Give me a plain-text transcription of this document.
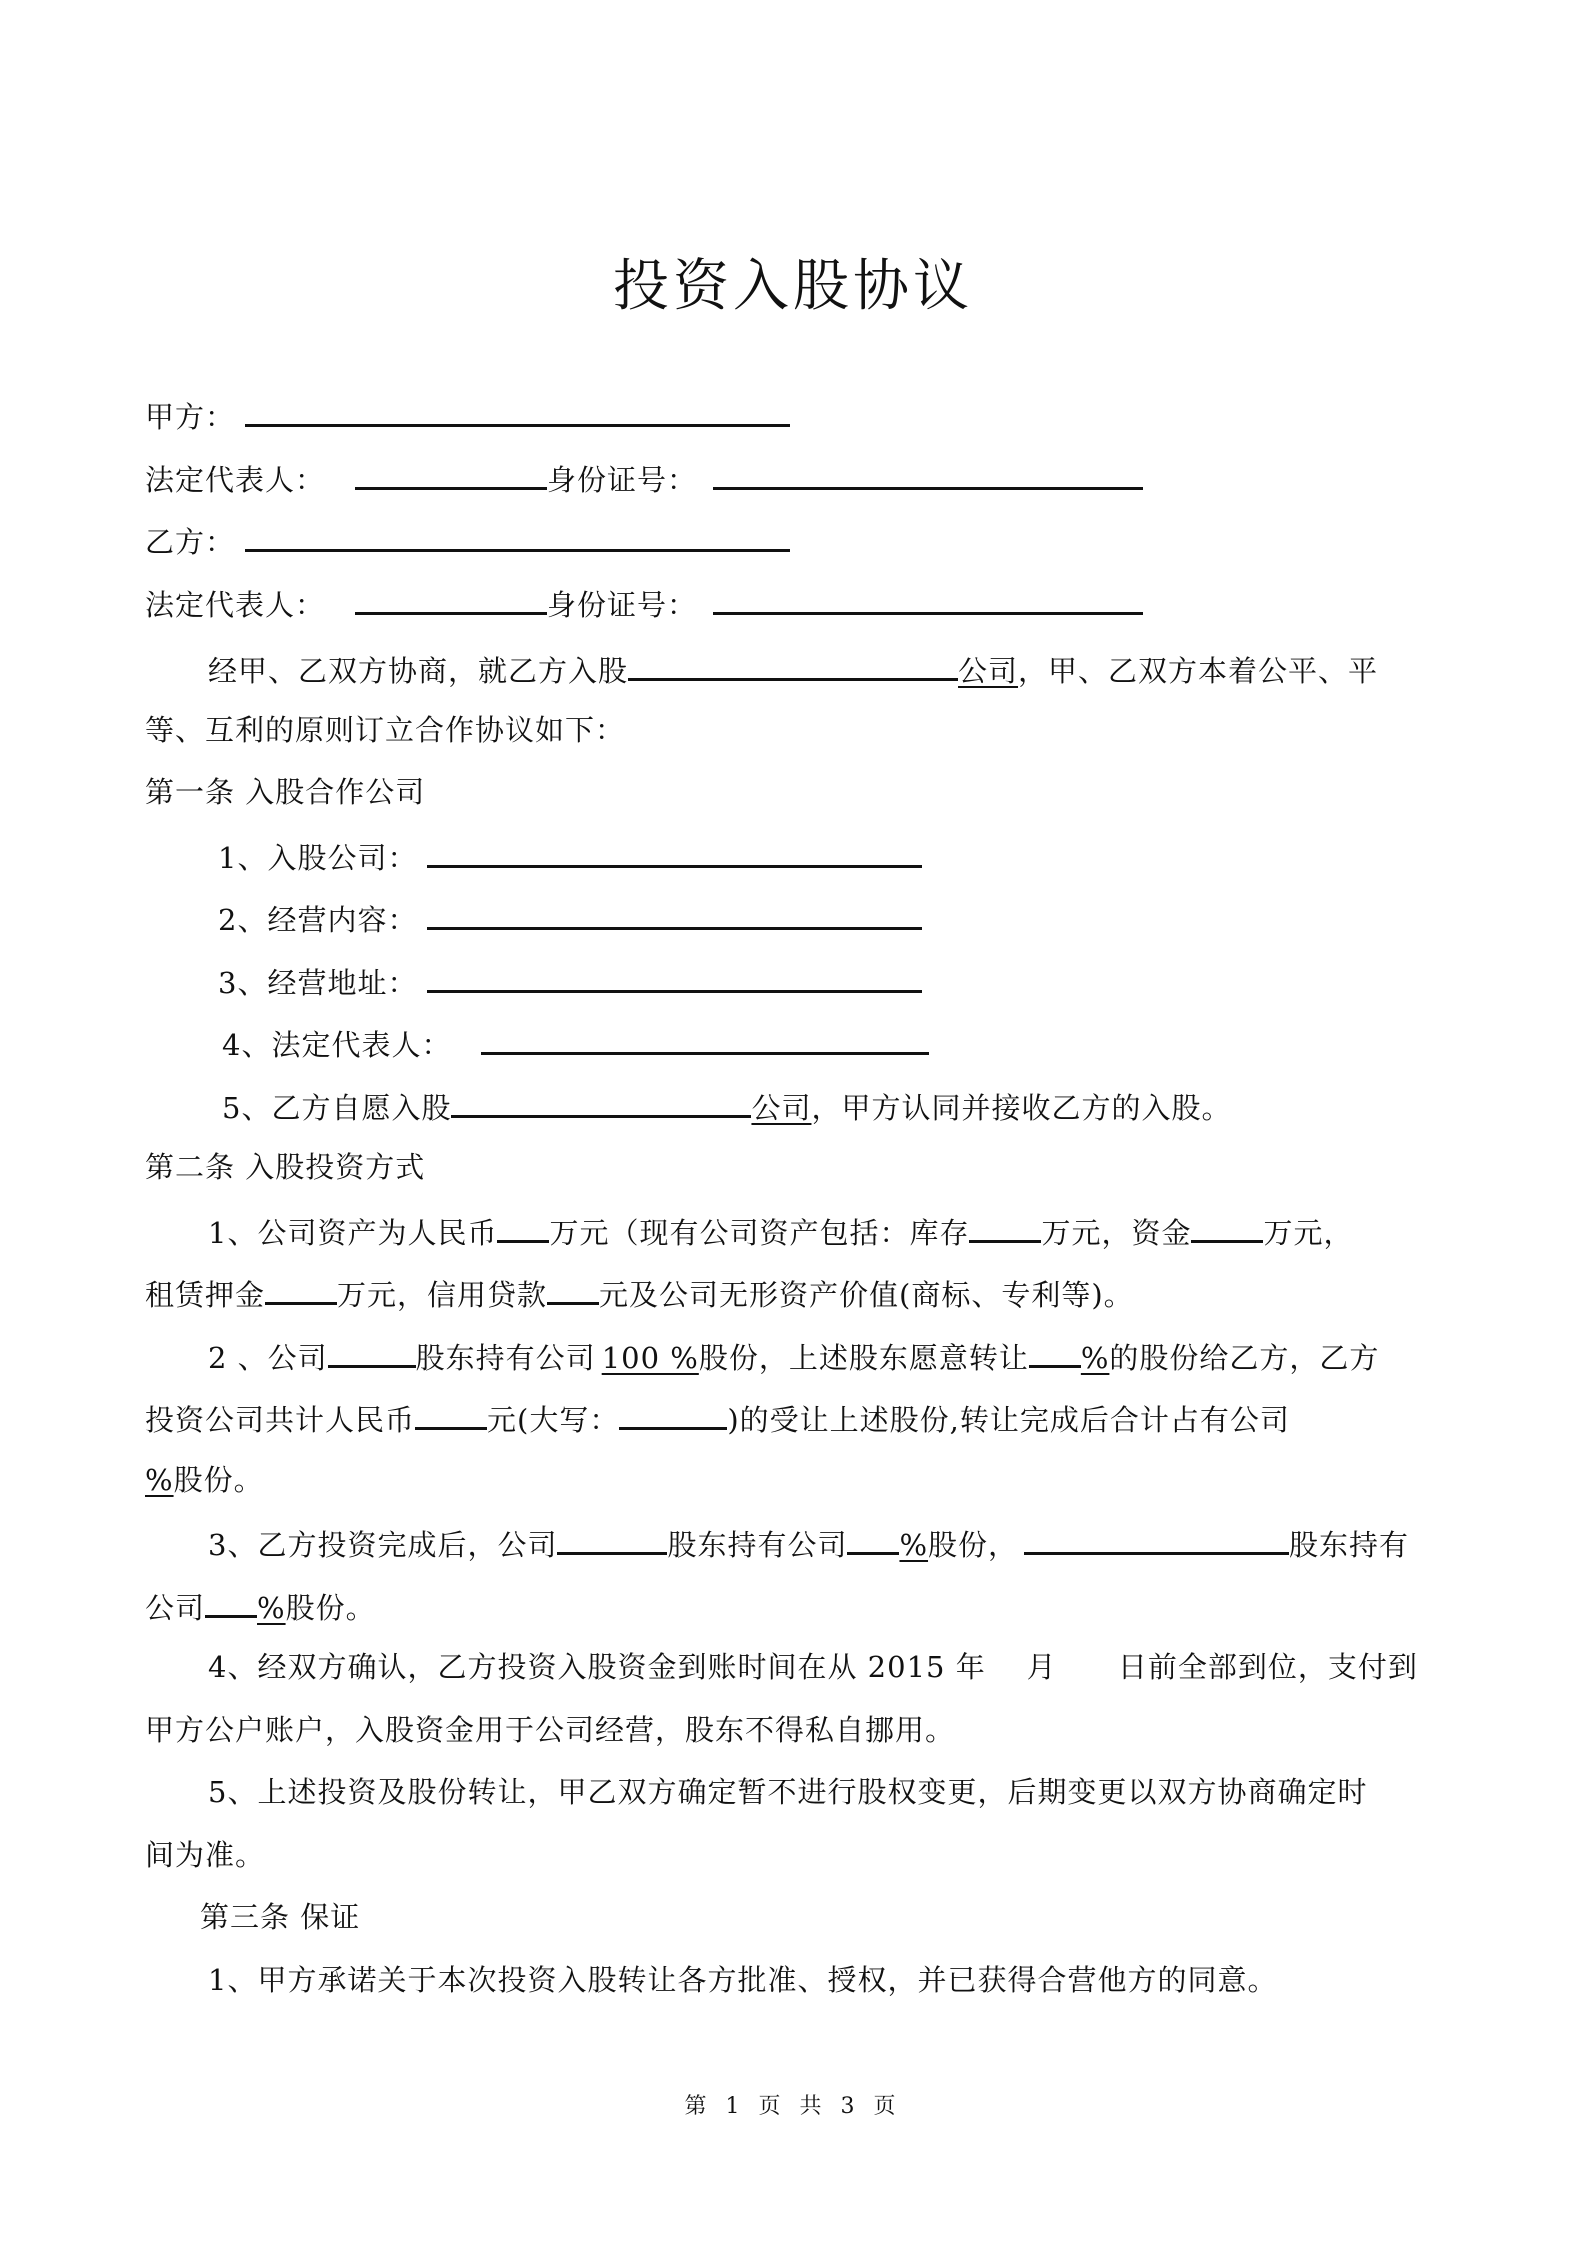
投资入股协议
甲方：
法定代表人：	身份证号：
乙方：
法定代表人：	身份证号：
经甲、乙双方协商，就乙方入股	公司，甲、乙双方本着公平、平
等、互利的原则订立合作协议如下：
第一条 入股合作公司
1、入股公司：
2、经营内容：
3、经营地址：
4、法定代表人：
5、乙方自愿入股	公司，甲方认同并接收乙方的入股。
第二条 入股投资方式
1、公司资产为人民币 万元（现有公司资产包括：库存 万元，资金 万元，
租赁押金 万元，信用贷款 元及公司无形资产价值(商标、专利等)。
2 、公司	股东持有公司 100 %股份，上述股东愿意转让 %的股份给乙方，乙方
投资公司共计人民币 元(大写：	)的受让上述股份,转让完成后合计占有公司
%股份。
3、乙方投资完成后，公司	股东持有公司 %股份，	股东持有
公司 %股份。
4、经双方确认，乙方投资入股资金到账时间在从 2015 年    月      日前全部到位，支付到
甲方公户账户，入股资金用于公司经营，股东不得私自挪用。
5、上述投资及股份转让，甲乙双方确定暂不进行股权变更，后期变更以双方协商确定时
间为准。
第三条 保证
1、甲方承诺关于本次投资入股转让各方批准、授权，并已获得合营他方的同意。
第 1 页 共 3 页
